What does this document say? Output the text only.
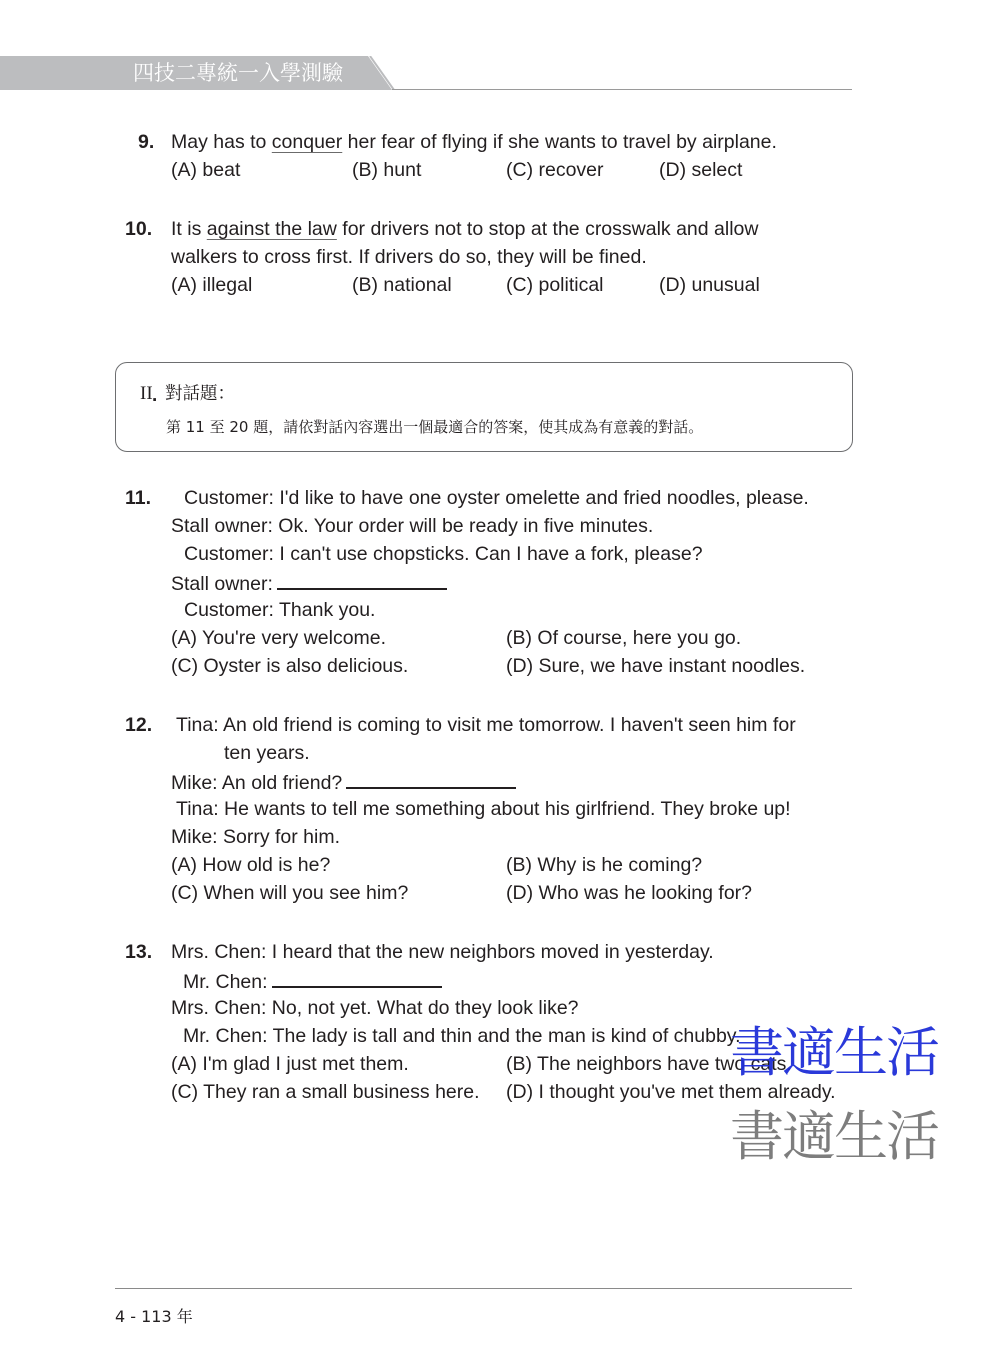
四技二專統一入學測驗
9. May has to conquer her fear of flying if she wants to travel by airplane.
(A) beat	(B) hunt	(C) recover	(D) select
10. It is against the law for drivers not to stop at the crosswalk and allow
walkers to cross first. If drivers do so, they will be fined.
(A) illegal	(B) national	(C) political	(D) unusual
II . 對話題：
第 11 至 20 題，請依對話內容選出一個最適合的答案，使其成為有意義的對話。
11. Customer: I'd like to have one oyster omelette and fried noodles, please.
Stall owner: Ok. Your order will be ready in five minutes.
Customer: I can't use chopsticks. Can I have a fork, please?
Stall owner:
Customer: Thank you.
(A) You're very welcome.	(B) Of course, here you go.
(C) Oyster is also delicious.	(D) Sure, we have instant noodles.
12. Tina: An old friend is coming to visit me tomorrow. I haven't seen him for
ten years.
Mike: An old friend?
Tina: He wants to tell me something about his girlfriend. They broke up!
Mike: Sorry for him.
(A) How old is he?	(B) Why is he coming?
(C) When will you see him?	(D) Who was he looking for?
13. Mrs. Chen: I heard that the new neighbors moved in yesterday.
Mr. Chen:
Mrs. Chen: No, not yet. What do they look like?
Mr. Chen: The lady is tall and thin and the man is kind of chubby.
(A) I'm glad I just met them.	(B) The neighbors have two cats.
(C) They ran a small business here. (D) I thought you've met them already.
書適生活
書適生活
4 - 113 年
